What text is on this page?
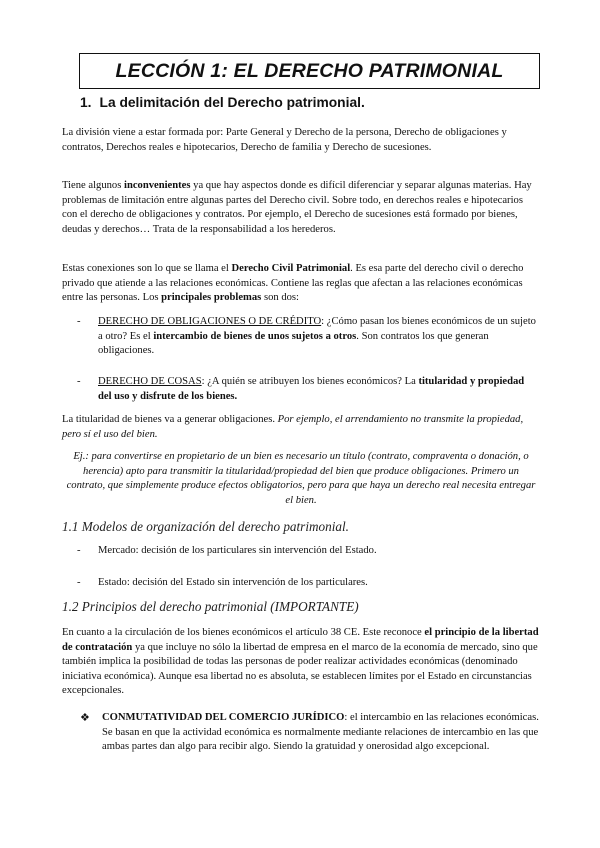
LECCIÓN 1: EL DERECHO PATRIMONIAL
1. La delimitación del Derecho patrimonial.
La división viene a estar formada por: Parte General y Derecho de la persona, Derecho de obligaciones y contratos, Derechos reales e hipotecarios, Derecho de familia y Derecho de sucesiones.
Tiene algunos inconvenientes ya que hay aspectos donde es difícil diferenciar y separar algunas materias. Hay problemas de limitación entre algunas partes del Derecho civil. Sobre todo, en derechos reales e hipotecarios con el derecho de obligaciones y contratos. Por ejemplo, el Derecho de sucesiones está formado por bienes, deudas y derechos… Trata de la responsabilidad a los herederos.
Estas conexiones son lo que se llama el Derecho Civil Patrimonial. Es esa parte del derecho civil o derecho privado que atiende a las relaciones económicas. Contiene las reglas que afectan a las relaciones económicas entre las personas. Los principales problemas son dos:
- DERECHO DE OBLIGACIONES O DE CRÉDITO: ¿Cómo pasan los bienes económicos de un sujeto a otro? Es el intercambio de bienes de unos sujetos a otros. Son contratos los que generan obligaciones.
- DERECHO DE COSAS: ¿A quién se atribuyen los bienes económicos? La titularidad y propiedad del uso y disfrute de los bienes.
La titularidad de bienes va a generar obligaciones. Por ejemplo, el arrendamiento no transmite la propiedad, pero sí el uso del bien.
Ej.: para convertirse en propietario de un bien es necesario un título (contrato, compraventa o donación, o herencia) apto para transmitir la titularidad/propiedad del bien que produce obligaciones. Primero un contrato, que simplemente produce efectos obligatorios, pero para que haya un derecho real necesita entregar el bien.
1.1 Modelos de organización del derecho patrimonial.
- Mercado: decisión de los particulares sin intervención del Estado.
- Estado: decisión del Estado sin intervención de los particulares.
1.2 Principios del derecho patrimonial (IMPORTANTE)
En cuanto a la circulación de los bienes económicos el artículo 38 CE. Este reconoce el principio de la libertad de contratación ya que incluye no sólo la libertad de empresa en el marco de la economía de mercado, sino que también implica la posibilidad de todas las personas de poder realizar actividades económicas (denominado iniciativa económica). Aunque esa libertad no es absoluta, se establecen límites por el Estado en circunstancias excepcionales.
❖ CONMUTATIVIDAD DEL COMERCIO JURÍDICO: el intercambio en las relaciones económicas. Se basan en que la actividad económica es normalmente mediante relaciones de intercambio en las que ambas partes dan algo para recibir algo. Siendo la gratuidad y onerosidad algo excepcional.
